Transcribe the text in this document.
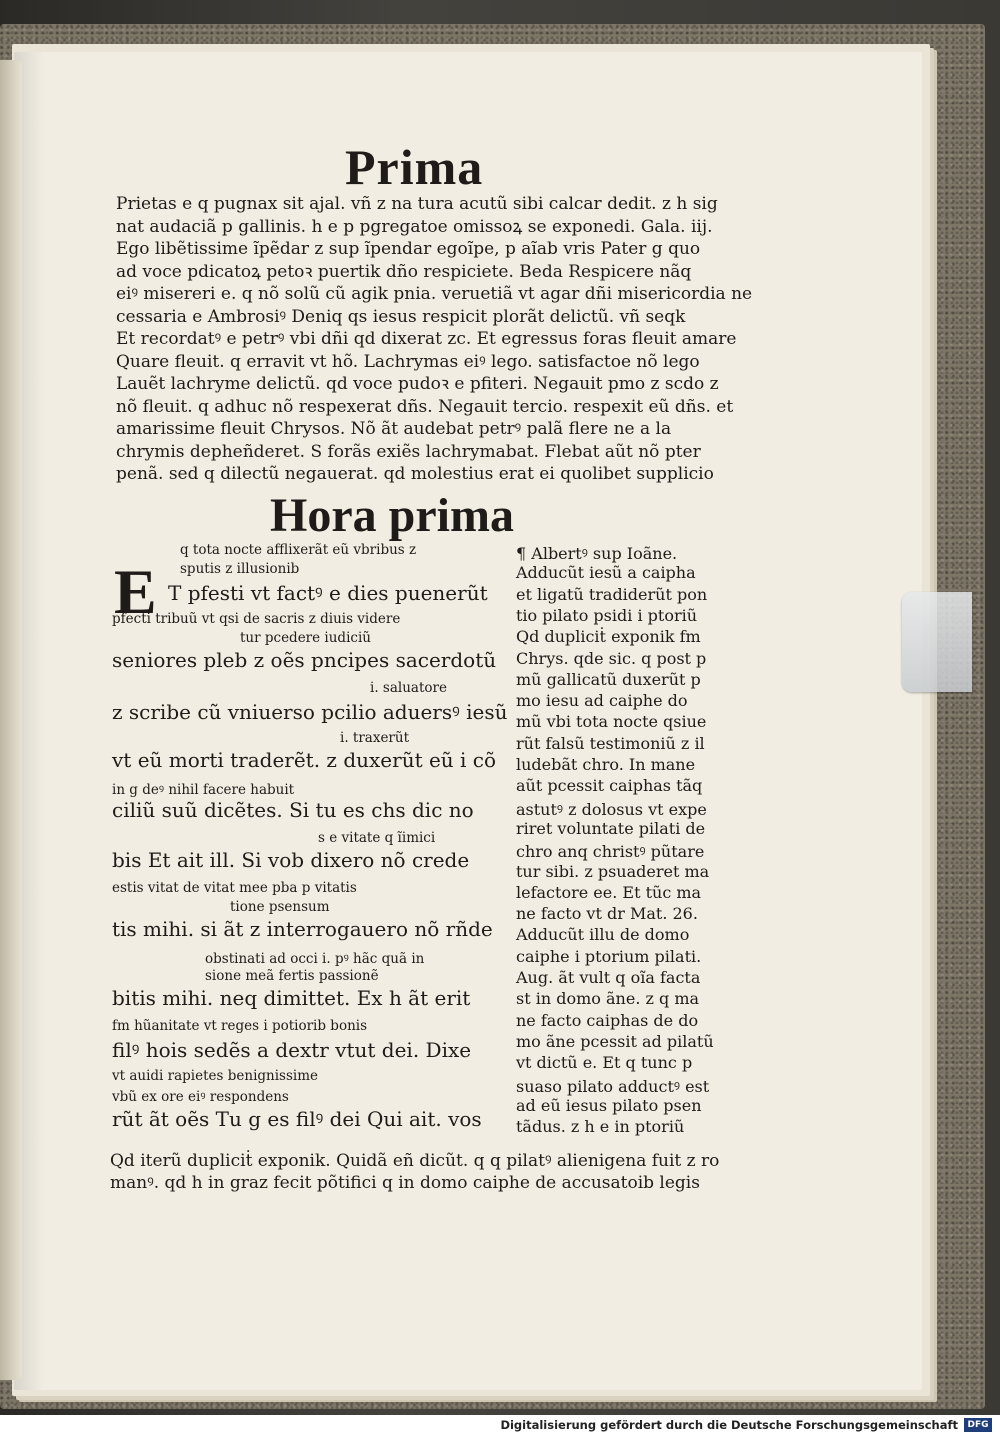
Prima
Prietas e q pugnax sit ajal. vñ z na tura acutũ sibi calcar dedit. z h sig
nat audaciã p gallinis. h e p pgregatoe omissoꝝ se exponedi. Gala. iij.
Ego libẽtissime ĩpẽdar z sup ĩpendar egoĩpe, p aĩab vris Pater g quo
ad voce pdicatoꝝ petoꝛ puertik dño respiciete. Beda Respicere nãq
eiꝰ misereri e. q nõ solũ cũ agik pnia. veruetiã vt agar dñi misericordia ne
cessaria e Ambrosiꝰ Deniq qs iesus respicit plorãt delictũ. vñ seqk
Et recordatꝰ e petrꝰ vbi dñi qd dixerat zc. Et egressus foras fleuit amare
Quare fleuit. q erravit vt hõ. Lachrymas eiꝰ lego. satisfactoe nõ lego
Lauẽt lachryme delictũ. qd voce pudoꝛ e pfiteri. Negauit pmo z scdo z
nõ fleuit. q adhuc nõ respexerat dñs. Negauit tercio. respexit eũ dñs. et
amarissime fleuit Chrysos. Nõ ãt audebat petrꝰ palã flere ne a la
chrymis depheñderet. S forãs exiẽs lachrymabat. Flebat aũt nõ pter
penã. sed q dilectũ negauerat. qd molestius erat ei quolibet supplicio
Hora prima
E
q tota nocte afflixerãt eũ vbribus z
sputis z illusionib
T pfesti vt factꝰ e dies puenerũt
pfecti tribuũ vt qsi de sacris z diuis videre
tur pcedere iudiciũ
seniores pleb z oẽs pncipes sacerdotũ
i. saluatore
z scribe cũ vniuerso pcilio aduersꝰ iesũ
i. traxerũt
vt eũ morti traderẽt. z duxerũt eũ i cõ
in g deꝰ nihil facere habuit
ciliũ suũ dicẽtes. Si tu es chs dic no
s e vitate q ĩimici
bis Et ait ill. Si vob dixero nõ crede
estis vitat de vitat mee pba p vitatis
tione psensum
tis mihi. si ãt z interrogauero nõ rñde
obstinati ad occi i. pꝰ hãc quã in
sione meã fertis passionẽ
bitis mihi. neq dimittet. Ex h ãt erit
fm hũanitate vt reges i potiorib bonis
filꝰ hois sedẽs a dextr vtut dei. Dixe
vt auidi rapietes benignissime
vbũ ex ore eiꝰ respondens
rũt ãt oẽs Tu g es filꝰ dei Qui ait. vos
¶ Albertꝰ sup Ioãne.
Adducũt iesũ a caipha
et ligatũ tradiderũt pon
tio pilato psidi i ptoriũ
Qd dupliciṫ exponik fm
Chrys. qde sic. q post p
mũ gallicatũ duxerũt p
mo iesu ad caiphe do
mũ vbi tota nocte qsiue
rũt falsũ testimoniũ z il
ludebãt chro. In mane
aũt pcessit caiphas tãq
astutꝰ z dolosus vt expe
riret voluntate pilati de
chro anq christꝰ pũtare
tur sibi. z psuaderet ma
lefactore ee. Et tũc ma
ne facto vt dr Mat. 26.
Adducũt illu de domo
caiphe i ptorium pilati.
Aug. ãt vult q oĩa facta
st in domo ãne. z q ma
ne facto caiphas de do
mo ãne pcessit ad pilatũ
vt dictũ e. Et q tunc p
suaso pilato adductꝰ est
ad eũ iesus pilato psen
tãdus. z h e in ptoriũ
Qd iterũ dupliciṫ exponik. Quidã eñ dicũt. q q pilatꝰ alienigena fuit z ro
manꝰ. qd h in graz fecit põtifici q in domo caiphe de accusatoib legis
Digitalisierung gefördert durch die Deutsche Forschungsgemeinschaft	DFG
